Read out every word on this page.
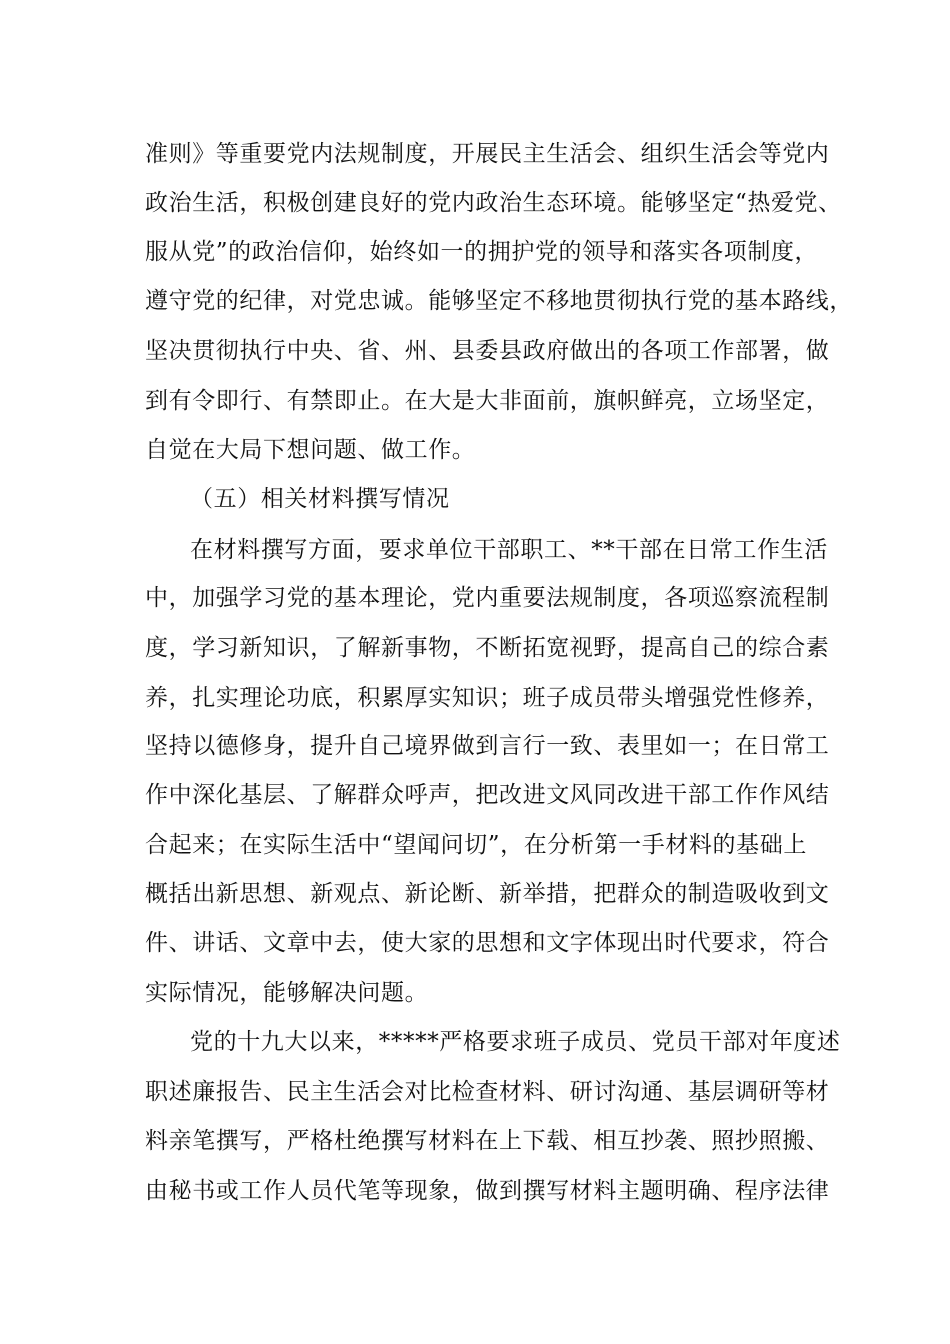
准则》等重要党内法规制度，开展民主生活会、组织生活会等党内
政治生活，积极创建良好的党内政治生态环境。能够坚定“热爱党、
服从党”的政治信仰，始终如一的拥护党的领导和落实各项制度，
遵守党的纪律，对党忠诚。能够坚定不移地贯彻执行党的基本路线，
坚决贯彻执行中央、省、州、县委县政府做出的各项工作部署，做
到有令即行、有禁即止。在大是大非面前，旗帜鲜亮，立场坚定，
自觉在大局下想问题、做工作。
（五）相关材料撰写情况
在材料撰写方面，要求单位干部职工、**干部在日常工作生活
中，加强学习党的基本理论，党内重要法规制度，各项巡察流程制
度，学习新知识，了解新事物，不断拓宽视野，提高自己的综合素
养，扎实理论功底，积累厚实知识；班子成员带头增强党性修养，
坚持以德修身，提升自己境界做到言行一致、表里如一；在日常工
作中深化基层、了解群众呼声，把改进文风同改进干部工作作风结
合起来；在实际生活中“望闻问切”，在分析第一手材料的基础上
概括出新思想、新观点、新论断、新举措，把群众的制造吸收到文
件、讲话、文章中去，使大家的思想和文字体现出时代要求，符合
实际情况，能够解决问题。
党的十九大以来，*****严格要求班子成员、党员干部对年度述
职述廉报告、民主生活会对比检查材料、研讨沟通、基层调研等材
料亲笔撰写，严格杜绝撰写材料在上下载、相互抄袭、照抄照搬、
由秘书或工作人员代笔等现象，做到撰写材料主题明确、程序法律
